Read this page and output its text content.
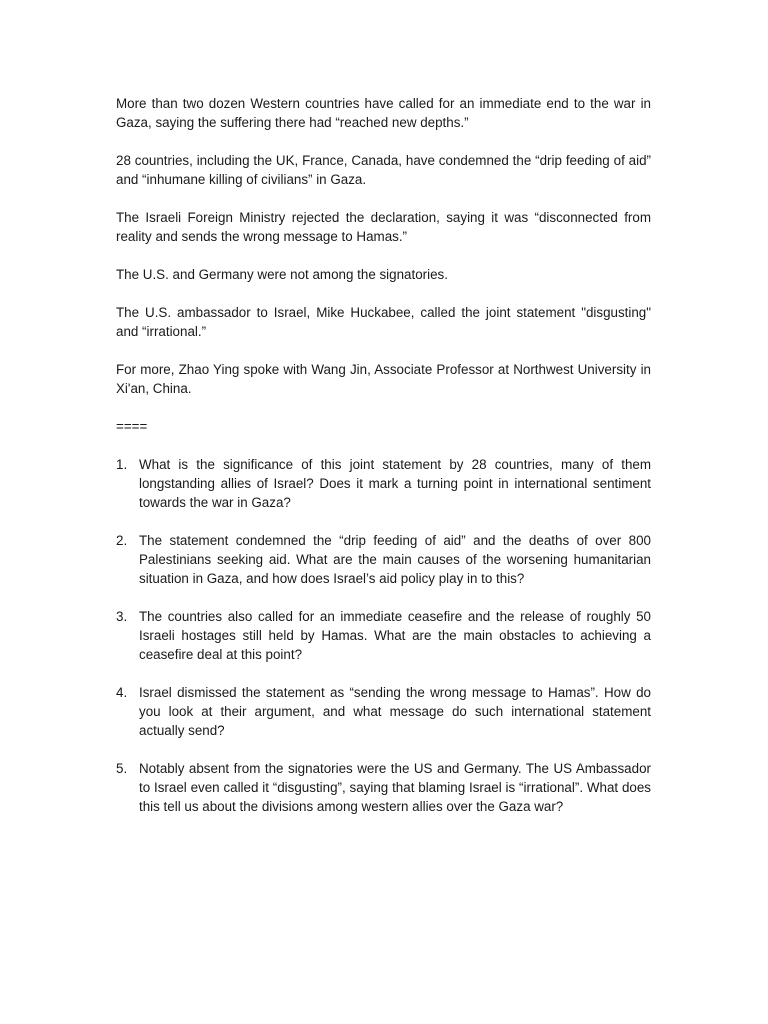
More than two dozen Western countries have called for an immediate end to the war in Gaza, saying the suffering there had “reached new depths.”

28 countries, including the UK, France, Canada, have condemned the “drip feeding of aid” and “inhumane killing of civilians” in Gaza.

The Israeli Foreign Ministry rejected the declaration, saying it was “disconnected from reality and sends the wrong message to Hamas.”

The U.S. and Germany were not among the signatories.

The U.S. ambassador to Israel, Mike Huckabee, called the joint statement "disgusting" and “irrational.”

For more, Zhao Ying spoke with Wang Jin, Associate Professor at Northwest University in Xi'an, China.

====
1. What is the significance of this joint statement by 28 countries, many of them longstanding allies of Israel? Does it mark a turning point in international sentiment towards the war in Gaza?
2. The statement condemned the “drip feeding of aid” and the deaths of over 800 Palestinians seeking aid. What are the main causes of the worsening humanitarian situation in Gaza, and how does Israel’s aid policy play in to this?
3. The countries also called for an immediate ceasefire and the release of roughly 50 Israeli hostages still held by Hamas. What are the main obstacles to achieving a ceasefire deal at this point?
4. Israel dismissed the statement as “sending the wrong message to Hamas”. How do you look at their argument, and what message do such international statement actually send?
5. Notably absent from the signatories were the US and Germany. The US Ambassador to Israel even called it “disgusting”, saying that blaming Israel is “irrational”. What does this tell us about the divisions among western allies over the Gaza war?
